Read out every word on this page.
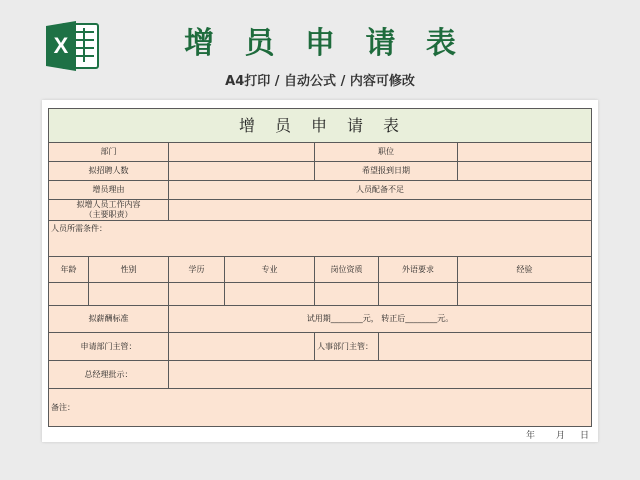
X	增 员 申 请 表
A4打印 / 自动公式 / 内容可修改
增员申请表						
部门				职位		
拟招聘人数				希望报到日期		
增员理由		人员配备不足				

拟增人员工作内容
（主要职责）						

人员所需条件：						
年龄	性别	学历	专业	岗位资质	外语要求	经验

拟薪酬标准		试用期________元， 转正后________元。				
申请部门主管：				人事部门主管：		
总经理批示：						
备注：						
年 月 日
